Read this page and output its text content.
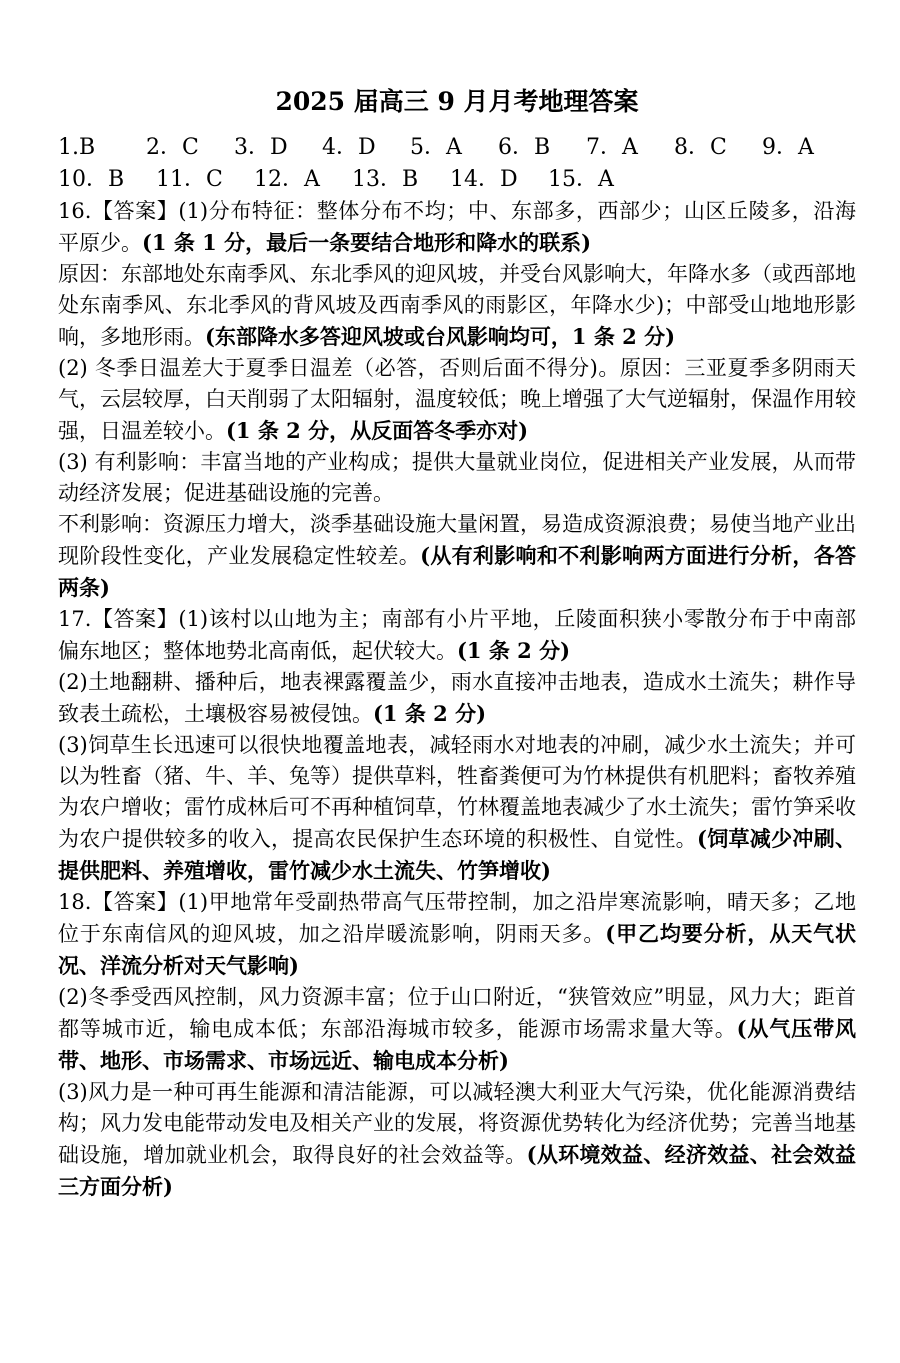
2025 届高三 9 月月考地理答案
1.B	2．C	3．D	4．D	5．A	6．B	7．A	8．C	9．A
10．B	11．C	12．A	13．B	14．D	15．A

16.【答案】(1)分布特征：整体分布不均；中、东部多，西部少；山区丘陵多，沿海平原少。(1 条 1 分，最后一条要结合地形和降水的联系)

原因：东部地处东南季风、东北季风的迎风坡，并受台风影响大，年降水多（或西部地处东南季风、东北季风的背风坡及西南季风的雨影区，年降水少)；中部受山地地形影响，多地形雨。(东部降水多答迎风坡或台风影响均可，1 条 2 分)

(2) 冬季日温差大于夏季日温差（必答，否则后面不得分)。原因：三亚夏季多阴雨天气，云层较厚，白天削弱了太阳辐射，温度较低；晚上增强了大气逆辐射，保温作用较强，日温差较小。(1 条 2 分，从反面答冬季亦对)

(3) 有利影响：丰富当地的产业构成；提供大量就业岗位，促进相关产业发展，从而带动经济发展；促进基础设施的完善。

不利影响：资源压力增大，淡季基础设施大量闲置，易造成资源浪费；易使当地产业出现阶段性变化，产业发展稳定性较差。(从有利影响和不利影响两方面进行分析，各答两条)

17.【答案】(1)该村以山地为主；南部有小片平地，丘陵面积狭小零散分布于中南部偏东地区；整体地势北高南低，起伏较大。(1 条 2 分)

(2)土地翻耕、播种后，地表裸露覆盖少，雨水直接冲击地表，造成水土流失；耕作导致表土疏松，土壤极容易被侵蚀。(1 条 2 分)

(3)饲草生长迅速可以很快地覆盖地表，减轻雨水对地表的冲刷，减少水土流失；并可以为牲畜（猪、牛、羊、兔等）提供草料，牲畜粪便可为竹林提供有机肥料；畜牧养殖为农户增收；雷竹成林后可不再种植饲草，竹林覆盖地表减少了水土流失；雷竹笋采收为农户提供较多的收入，提高农民保护生态环境的积极性、自觉性。(饲草减少冲刷、提供肥料、养殖增收，雷竹减少水土流失、竹笋增收)

18.【答案】(1)甲地常年受副热带高气压带控制，加之沿岸寒流影响，晴天多；乙地位于东南信风的迎风坡，加之沿岸暖流影响，阴雨天多。(甲乙均要分析，从天气状况、洋流分析对天气影响)

(2)冬季受西风控制，风力资源丰富；位于山口附近，“狭管效应”明显，风力大；距首都等城市近，输电成本低；东部沿海城市较多，能源市场需求量大等。(从气压带风带、地形、市场需求、市场远近、输电成本分析)

(3)风力是一种可再生能源和清洁能源，可以减轻澳大利亚大气污染，优化能源消费结构；风力发电能带动发电及相关产业的发展，将资源优势转化为经济优势；完善当地基础设施，增加就业机会，取得良好的社会效益等。(从环境效益、经济效益、社会效益三方面分析)
